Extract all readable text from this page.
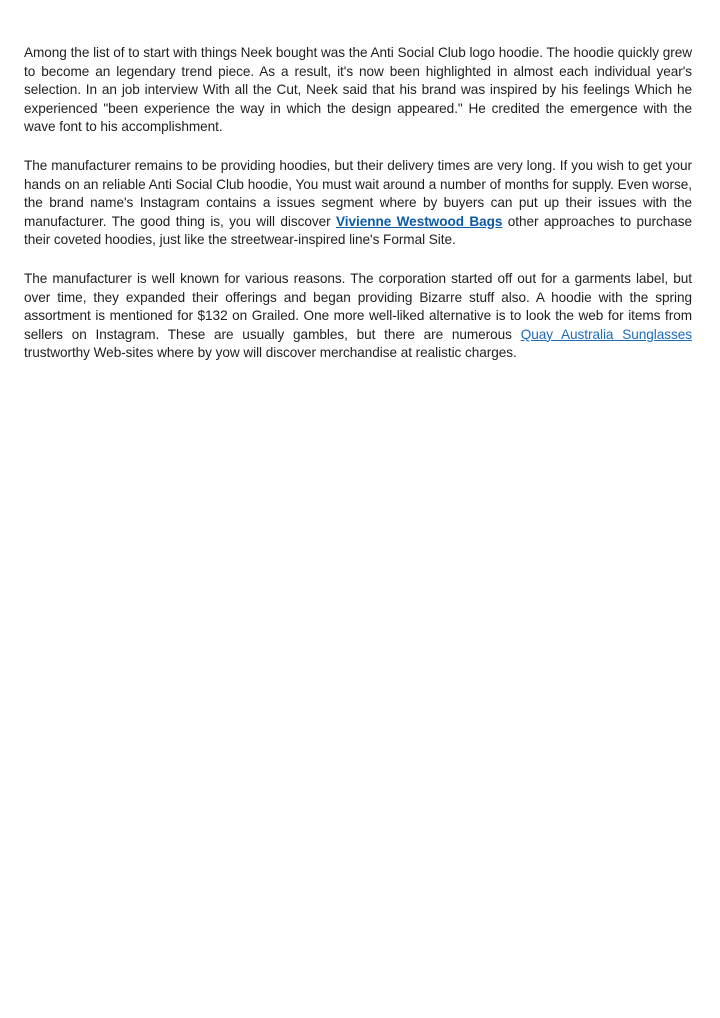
Among the list of to start with things Neek bought was the Anti Social Club logo hoodie. The hoodie quickly grew to become an legendary trend piece. As a result, it's now been highlighted in almost each individual year's selection. In an job interview With all the Cut, Neek said that his brand was inspired by his feelings Which he experienced "been experience the way in which the design appeared." He credited the emergence with the wave font to his accomplishment.

The manufacturer remains to be providing hoodies, but their delivery times are very long. If you wish to get your hands on an reliable Anti Social Club hoodie, You must wait around a number of months for supply. Even worse, the brand name's Instagram contains a issues segment where by buyers can put up their issues with the manufacturer. The good thing is, you will discover Vivienne Westwood Bags other approaches to purchase their coveted hoodies, just like the streetwear-inspired line's Formal Site.

The manufacturer is well known for various reasons. The corporation started off out for a garments label, but over time, they expanded their offerings and began providing Bizarre stuff also. A hoodie with the spring assortment is mentioned for $132 on Grailed. One more well-liked alternative is to look the web for items from sellers on Instagram. These are usually gambles, but there are numerous Quay Australia Sunglasses trustworthy Web-sites where by yow will discover merchandise at realistic charges.
